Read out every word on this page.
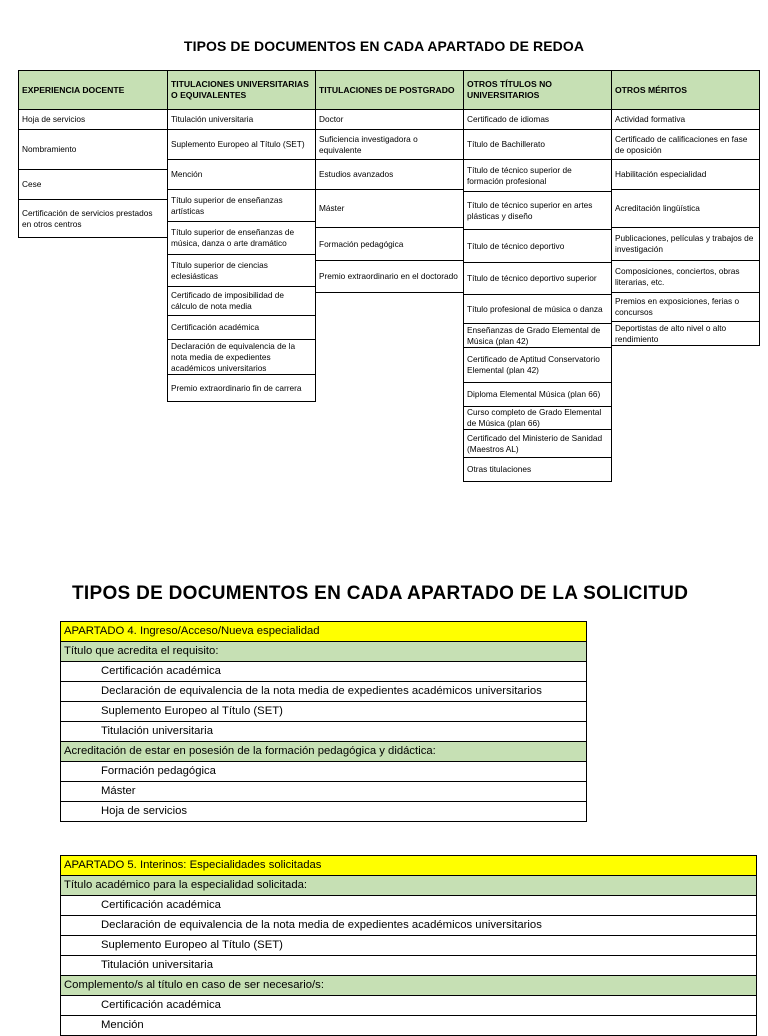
TIPOS DE DOCUMENTOS EN CADA APARTADO DE REDOA
EXPERIENCIA DOCENTE
Hoja de servicios
Nombramiento
Cese
Certificación de servicios prestados en otros centros
TITULACIONES UNIVERSITARIAS O EQUIVALENTES
Titulación universitaria
Suplemento Europeo al Título (SET)
Mención
Título superior de enseñanzas artísticas
Título superior de enseñanzas de música, danza o arte dramático
Título superior de ciencias eclesiásticas
Certificado de imposibilidad de cálculo de nota media
Certificación académica
Declaración de equivalencia de la nota media de expedientes académicos universitarios
Premio extraordinario fin de carrera
TITULACIONES DE POSTGRADO
Doctor
Suficiencia investigadora o equivalente
Estudios avanzados
Máster
Formación pedagógica
Premio extraordinario en el doctorado
OTROS TÍTULOS NO UNIVERSITARIOS
Certificado de idiomas
Título de Bachillerato
Título de técnico superior de formación profesional
Título de técnico superior en artes plásticas y diseño
Título de técnico deportivo
Título de técnico deportivo superior
Título profesional de música o danza
Enseñanzas de Grado Elemental de Música (plan 42)
Certificado de Aptitud Conservatorio Elemental (plan 42)
Diploma Elemental Música (plan 66)
Curso completo de Grado Elemental de Música (plan 66)
Certificado del Ministerio de Sanidad (Maestros AL)
Otras titulaciones
OTROS MÉRITOS
Actividad formativa
Certificado de calificaciones en fase de oposición
Habilitación especialidad
Acreditación lingüística
Publicaciones, películas y trabajos de investigación
Composiciones, conciertos, obras literarias, etc.
Premios en exposiciones, ferias o concursos
Deportistas de alto nivel o alto rendimiento
TIPOS DE DOCUMENTOS EN CADA APARTADO DE LA SOLICITUD
APARTADO 4. Ingreso/Acceso/Nueva especialidad
Título que acredita el requisito:
Certificación académica
Declaración de equivalencia de la nota media de expedientes académicos universitarios
Suplemento Europeo al Título (SET)
Titulación universitaria
Acreditación de estar en posesión de la formación pedagógica y didáctica:
Formación pedagógica
Máster
Hoja de servicios
APARTADO 5. Interinos: Especialidades solicitadas
Título académico para la especialidad solicitada:
Certificación académica
Declaración de equivalencia de la nota media de expedientes académicos universitarios
Suplemento Europeo al Título (SET)
Titulación universitaria
Complemento/s al título en caso de ser necesario/s:
Certificación académica
Mención
